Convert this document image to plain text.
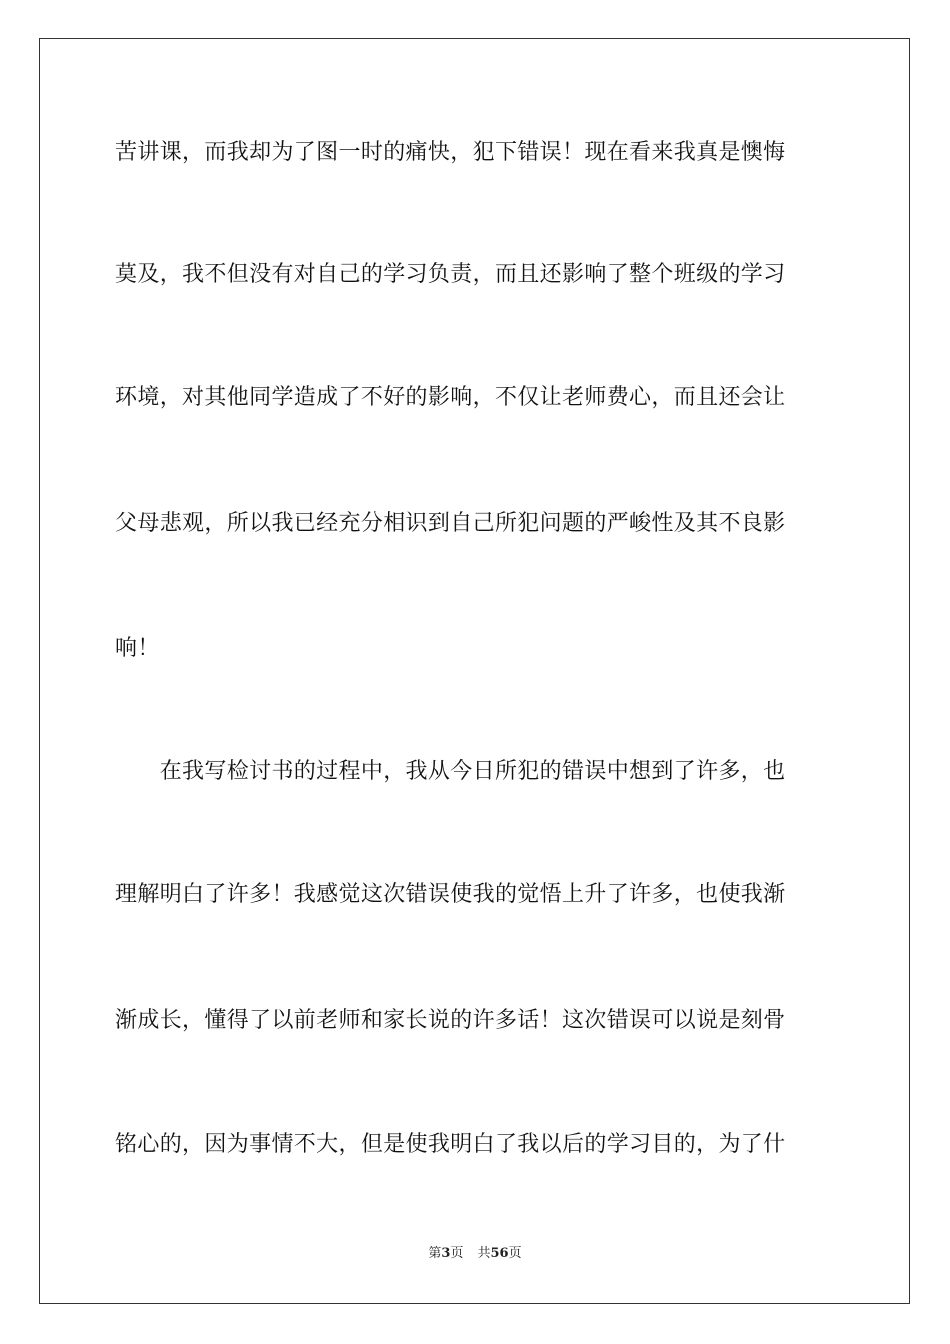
苦讲课，而我却为了图一时的痛快，犯下错误！现在看来我真是懊悔
莫及，我不但没有对自己的学习负责，而且还影响了整个班级的学习
环境，对其他同学造成了不好的影响，不仅让老师费心，而且还会让
父母悲观，所以我已经充分相识到自己所犯问题的严峻性及其不良影
响！
　　在我写检讨书的过程中，我从今日所犯的错误中想到了许多，也
理解明白了许多！我感觉这次错误使我的觉悟上升了许多，也使我渐
渐成长，懂得了以前老师和家长说的许多话！这次错误可以说是刻骨
铭心的，因为事情不大，但是使我明白了我以后的学习目的，为了什
第3页 共56页
